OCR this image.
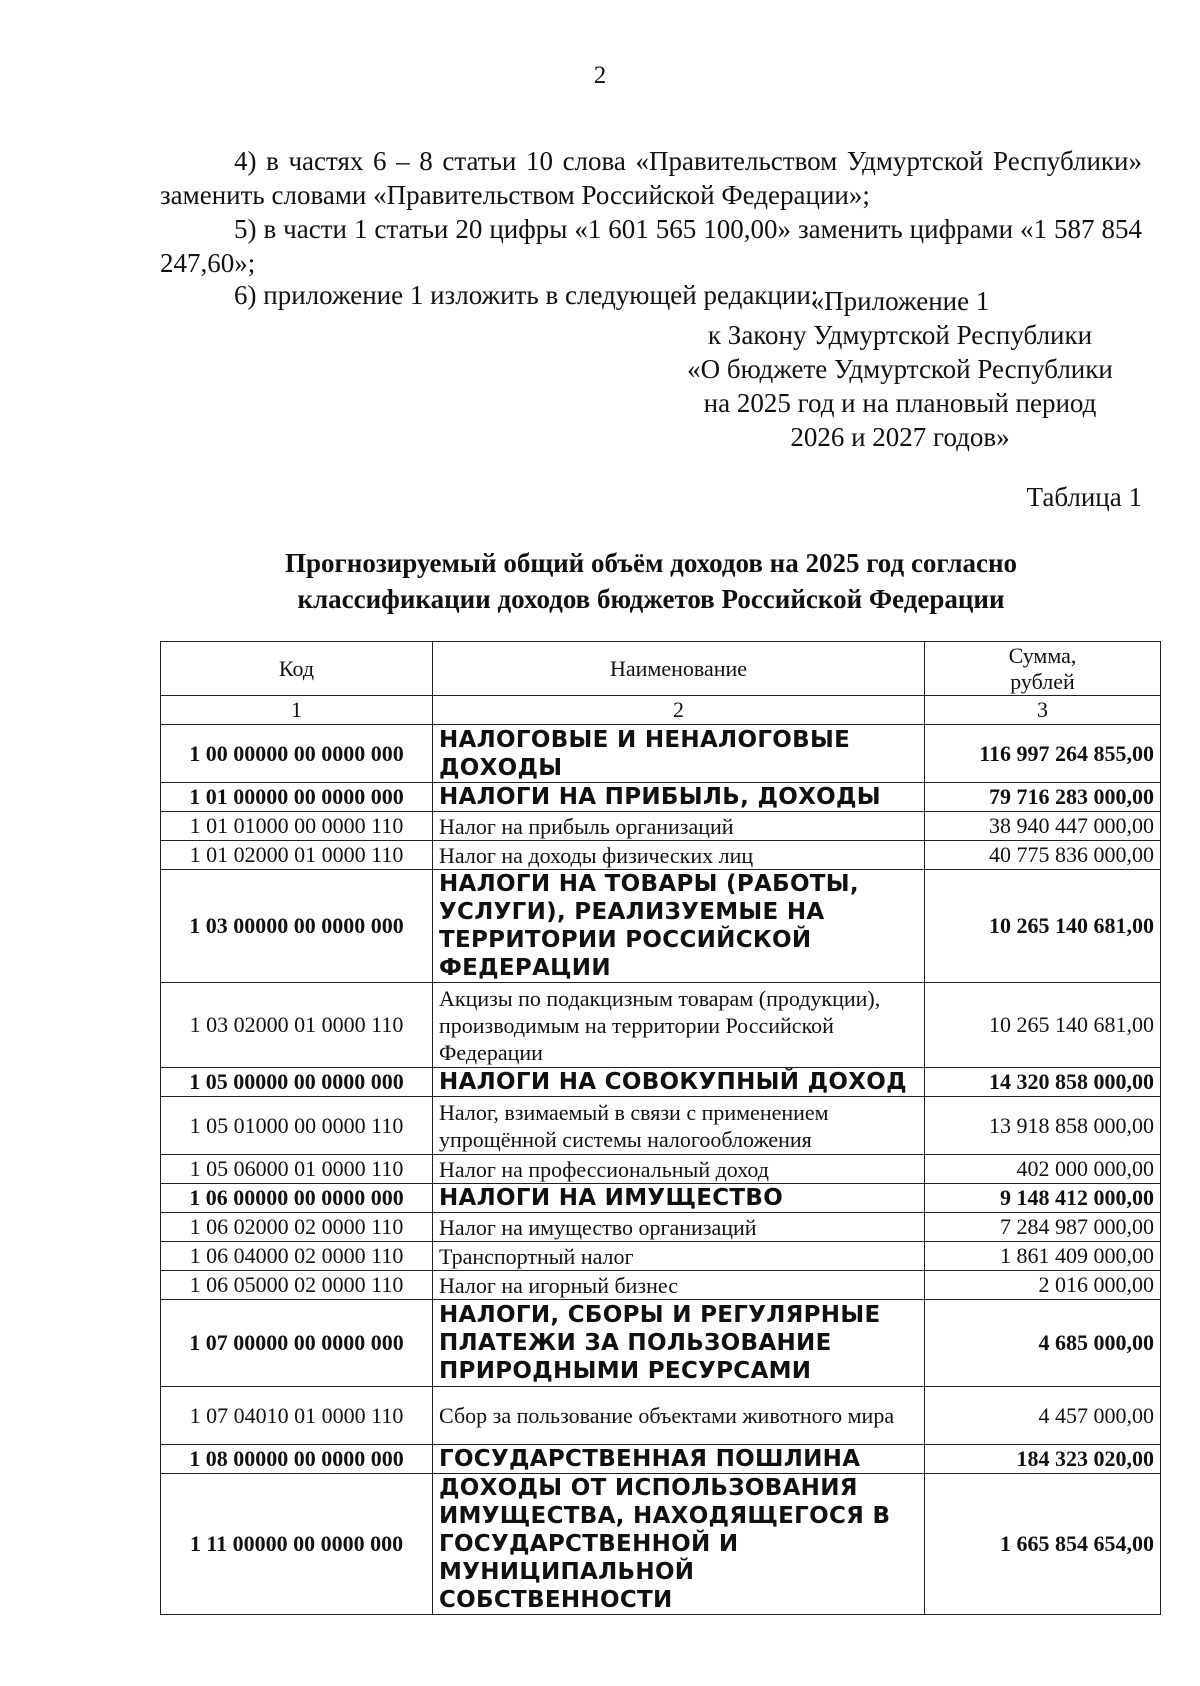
2

4) в частях 6 – 8 статьи 10 слова «Правительством Удмуртской Республики» заменить словами «Правительством Российской Федерации»;

5) в части 1 статьи 20 цифры «1 601 565 100,00» заменить цифрами «1 587 854 247,60»;

6) приложение 1 изложить в следующей редакции:

«Приложение 1
к Закону Удмуртской Республики
«О бюджете Удмуртской Республики
на 2025 год и на плановый период
2026 и 2027 годов»
Таблица 1
Прогнозируемый общий объём доходов на 2025 год согласно
классификации доходов бюджетов Российской Федерации
Код	Наименование	Сумма,
рублей

1	2	3
1 00 00000 00 0000 000	НАЛОГОВЫЕ И НЕНАЛОГОВЫЕ ДОХОДЫ	116 997 264 855,00
1 01 00000 00 0000 000	НАЛОГИ НА ПРИБЫЛЬ, ДОХОДЫ	79 716 283 000,00
1 01 01000 00 0000 110	Налог на прибыль организаций	38 940 447 000,00
1 01 02000 01 0000 110	Налог на доходы физических лиц	40 775 836 000,00
1 03 00000 00 0000 000	НАЛОГИ НА ТОВАРЫ (РАБОТЫ, УСЛУГИ), РЕАЛИЗУЕМЫЕ НА ТЕРРИТОРИИ РОССИЙСКОЙ ФЕДЕРАЦИИ	10 265 140 681,00
1 03 02000 01 0000 110	Акцизы по подакцизным товарам (продукции), производимым на территории Российской Федерации	10 265 140 681,00
1 05 00000 00 0000 000	НАЛОГИ НА СОВОКУПНЫЙ ДОХОД	14 320 858 000,00
1 05 01000 00 0000 110	Налог, взимаемый в связи с применением упрощённой системы налогообложения	13 918 858 000,00
1 05 06000 01 0000 110	Налог на профессиональный доход	402 000 000,00
1 06 00000 00 0000 000	НАЛОГИ НА ИМУЩЕСТВО	9 148 412 000,00
1 06 02000 02 0000 110	Налог на имущество организаций	7 284 987 000,00
1 06 04000 02 0000 110	Транспортный налог	1 861 409 000,00
1 06 05000 02 0000 110	Налог на игорный бизнес	2 016 000,00
1 07 00000 00 0000 000	НАЛОГИ, СБОРЫ И РЕГУЛЯРНЫЕ ПЛАТЕЖИ ЗА ПОЛЬЗОВАНИЕ ПРИРОДНЫМИ РЕСУРСАМИ	4 685 000,00
1 07 04010 01 0000 110	Сбор за пользование объектами животного мира	4 457 000,00
1 08 00000 00 0000 000	ГОСУДАРСТВЕННАЯ ПОШЛИНА	184 323 020,00
1 11 00000 00 0000 000	ДОХОДЫ ОТ ИСПОЛЬЗОВАНИЯ ИМУЩЕСТВА, НАХОДЯЩЕГОСЯ В ГОСУДАРСТВЕННОЙ И МУНИЦИПАЛЬНОЙ СОБСТВЕННОСТИ	1 665 854 654,00
